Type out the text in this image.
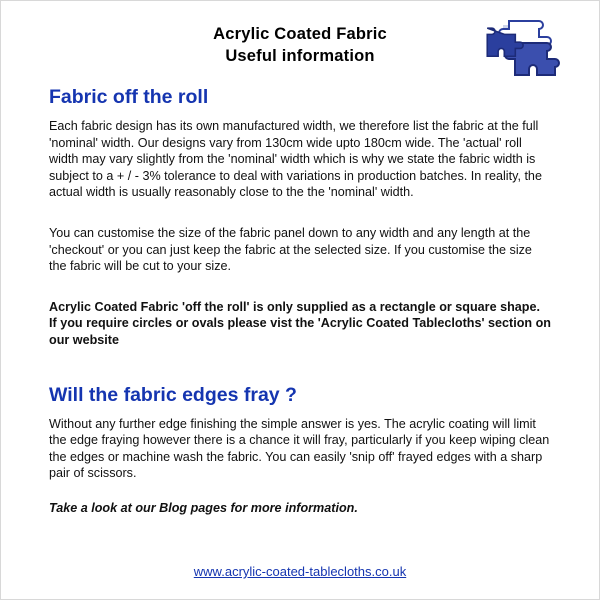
Acrylic Coated Fabric
Useful information
Fabric off the roll

Each fabric design has its own manufactured width, we therefore list the fabric at the full 'nominal' width. Our designs vary from 130cm wide upto 180cm wide. The 'actual' roll width may vary slightly from the 'nominal' width which is why we state the fabric width is subject to a + / - 3% tolerance to deal with variations in production batches. In reality, the actual width is usually reasonably close to the the 'nominal' width.

You can customise the size of the fabric panel down to any width and any length at the 'checkout' or you can just keep the fabric at the selected size. If you customise the size the fabric will be cut to your size.

Acrylic Coated Fabric 'off the roll' is only supplied as a rectangle or square shape. If you require circles or ovals please vist the 'Acrylic Coated Tablecloths' section on our website

Will the fabric edges fray ?

Without any further edge finishing the simple answer is yes. The acrylic coating will limit the edge fraying however there is a chance it will fray, particularly if you keep wiping clean the edges or machine wash the fabric. You can easily 'snip off' frayed edges with a sharp pair of scissors.

Take a look at our Blog pages for more information.

www.acrylic-coated-tablecloths.co.uk
